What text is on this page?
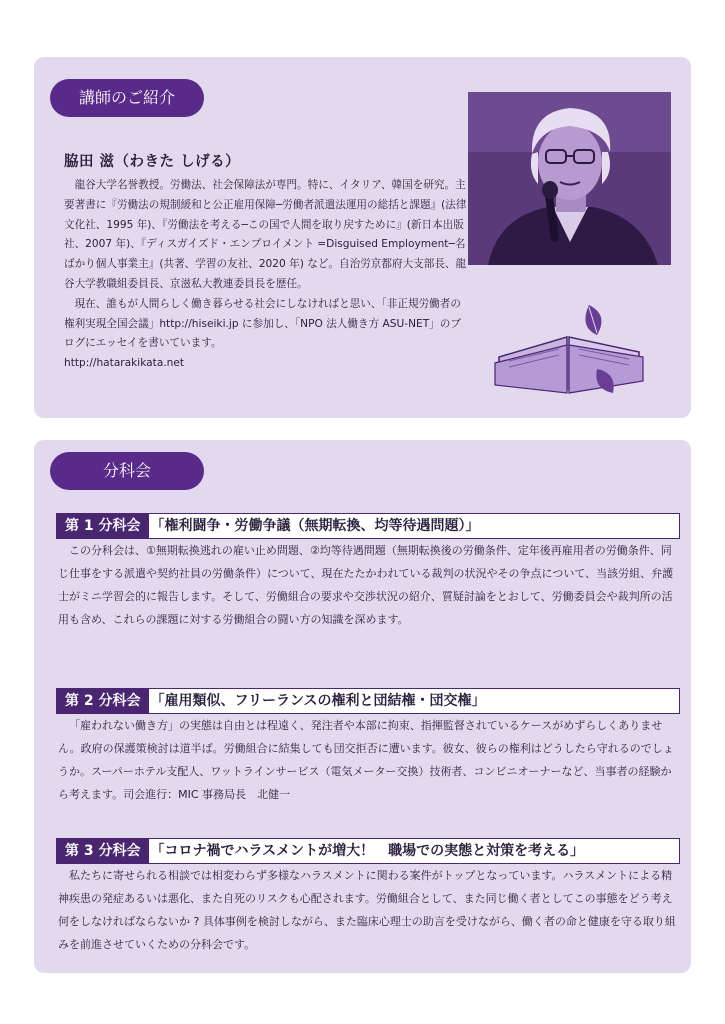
講師のご紹介
脇田 滋（わきた しげる）

龍谷大学名誉教授。労働法、社会保障法が専門。特に、イタリア、韓国を研究。主要著書に『労働法の規制緩和と公正雇用保障─労働者派遣法運用の総括と課題』(法律文化社、1995 年)、『労働法を考える─この国で人間を取り戻すために』(新日本出版社、2007 年)、『ディスガイズド・エンプロイメント =Disguised Employment─名ばかり個人事業主』(共著、学習の友社、2020 年) など。自治労京都府大支部長、龍谷大学教職組委員長、京滋私大教連委員長を歴任。

現在、誰もが人間らしく働き暮らせる社会にしなければと思い、「非正規労働者の権利実現全国会議」http://hiseiki.jp に参加し、「NPO 法人働き方 ASU-NET」のブログにエッセイを書いています。

http://hatarakikata.net

分科会
第 1 分科会 「権利闘争・労働争議（無期転換、均等待遇問題）」

この分科会は、①無期転換逃れの雇い止め問題、②均等待遇問題（無期転換後の労働条件、定年後再雇用者の労働条件、同じ仕事をする派遣や契約社員の労働条件）について、現在たたかわれている裁判の状況やその争点について、当該労組、弁護士がミニ学習会的に報告します。そして、労働組合の要求や交渉状況の紹介、質疑討論をとおして、労働委員会や裁判所の活用も含め、これらの課題に対する労働組合の闘い方の知識を深めます。

第 2 分科会 「雇用類似、フリーランスの権利と団結権・団交権」

「雇われない働き方」の実態は自由とは程遠く、発注者や本部に拘束、指揮監督されているケースがめずらしくありません。政府の保護策検討は道半ば。労働組合に結集しても団交拒否に遭います。彼女、彼らの権利はどうしたら守れるのでしょうか。スーパーホテル支配人、ワットラインサービス（電気メーター交換）技術者、コンビニオーナーなど、当事者の経験から考えます。司会進行：MIC 事務局長　北健一

第 3 分科会 「コロナ禍でハラスメントが増大！　職場での実態と対策を考える」

私たちに寄せられる相談では相変わらず多様なハラスメントに関わる案件がトップとなっています。ハラスメントによる精神疾患の発症あるいは悪化、また自死のリスクも心配されます。労働組合として、また同じ働く者としてこの事態をどう考え何をしなければならないか ? 具体事例を検討しながら、また臨床心理士の助言を受けながら、働く者の命と健康を守る取り組みを前進させていくための分科会です。
